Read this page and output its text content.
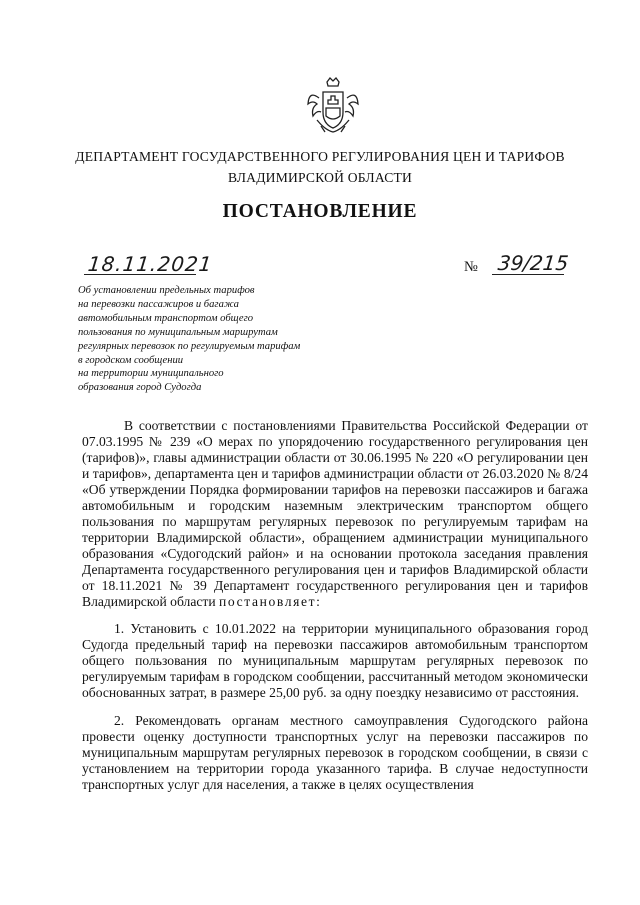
ДЕПАРТАМЕНТ ГОСУДАРСТВЕННОГО РЕГУЛИРОВАНИЯ ЦЕН И ТАРИФОВ
ВЛАДИМИРСКОЙ ОБЛАСТИ
ПОСТАНОВЛЕНИЕ
18.11.2021	№ 39/215
Об установлении предельных тарифов
на перевозки пассажиров и багажа
автомобильным транспортом общего
пользования по муниципальным маршрутам
регулярных перевозок по регулируемым тарифам
в городском сообщении
на территории муниципального
образования город Судогда

В соответствии с постановлениями Правительства Российской Федерации от 07.03.1995 № 239 «О мерах по упорядочению государственного регулирования цен (тарифов)», главы администрации области от 30.06.1995 № 220 «О регулировании цен и тарифов», департамента цен и тарифов администрации области от 26.03.2020 № 8/24 «Об утверждении Порядка формировании тарифов на перевозки пассажиров и багажа автомобильным и городским наземным электрическим транспортом общего пользования по маршрутам регулярных перевозок по регулируемым тарифам на территории Владимирской области», обращением администрации муниципального образования «Судогодский район» и на основании протокола заседания правления Департамента государственного регулирования цен и тарифов Владимирской области от 18.11.2021 № 39 Департамент государственного регулирования цен и тарифов Владимирской области постановляет:

1. Установить с 10.01.2022 на территории муниципального образования город Судогда предельный тариф на перевозки пассажиров автомобильным транспортом общего пользования по муниципальным маршрутам регулярных перевозок по регулируемым тарифам в городском сообщении, рассчитанный методом экономически обоснованных затрат, в размере 25,00 руб. за одну поездку независимо от расстояния.

2. Рекомендовать органам местного самоуправления Судогодского района провести оценку доступности транспортных услуг на перевозки пассажиров по муниципальным маршрутам регулярных перевозок в городском сообщении, в связи с установлением на территории города указанного тарифа. В случае недоступности транспортных услуг для населения, а также в целях осуществления
